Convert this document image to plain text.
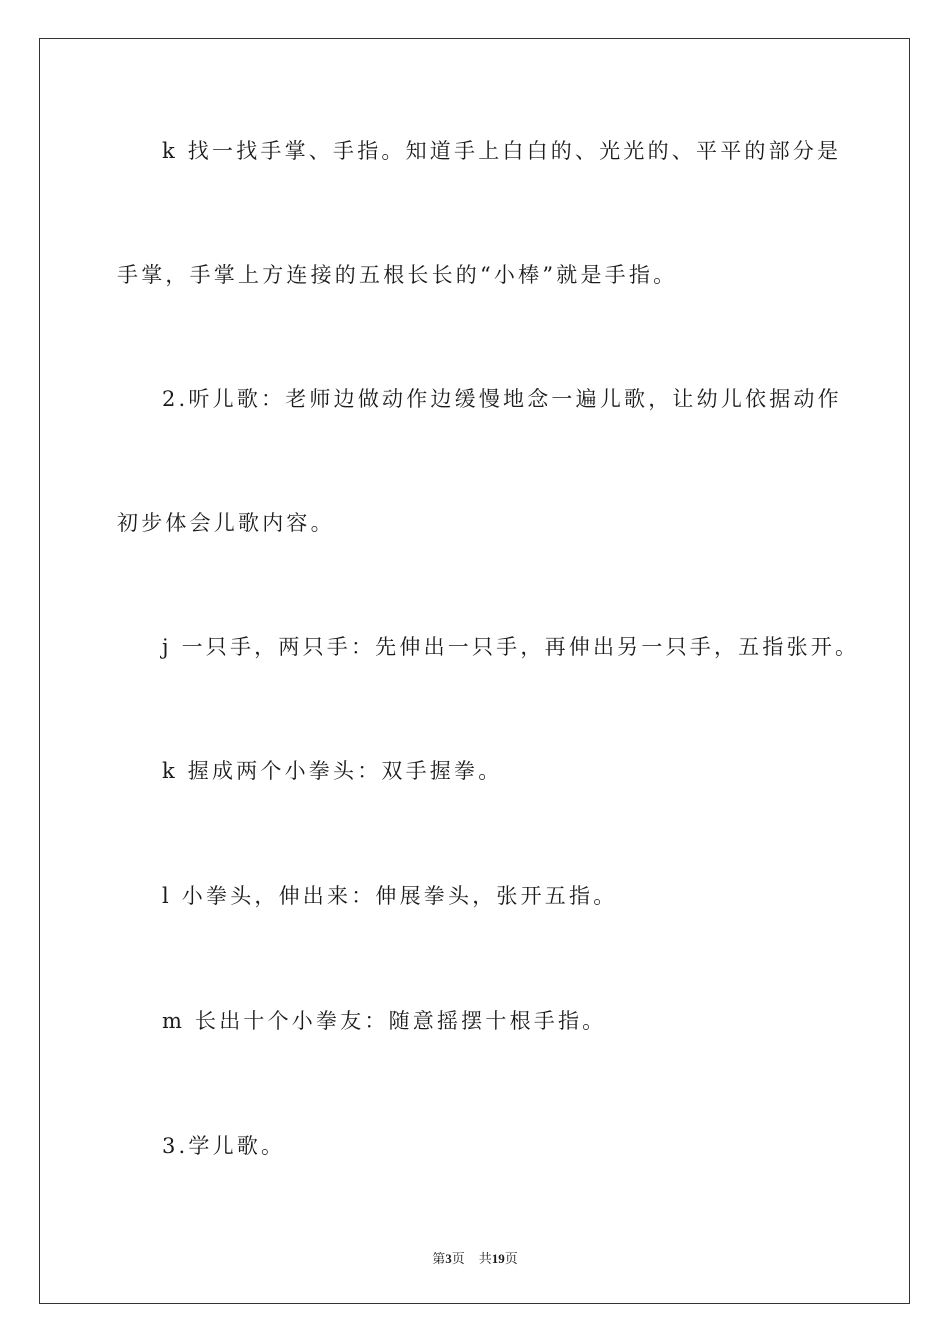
k 找一找手掌、手指。知道手上白白的、光光的、平平的部分是
手掌，手掌上方连接的五根长长的“小棒”就是手指。
2.听儿歌：老师边做动作边缓慢地念一遍儿歌，让幼儿依据动作
初步体会儿歌内容。
j 一只手，两只手：先伸出一只手，再伸出另一只手，五指张开。
k 握成两个小拳头：双手握拳。
l 小拳头，伸出来：伸展拳头，张开五指。
m 长出十个小拳友：随意摇摆十根手指。
3.学儿歌。
第3页 共19页
